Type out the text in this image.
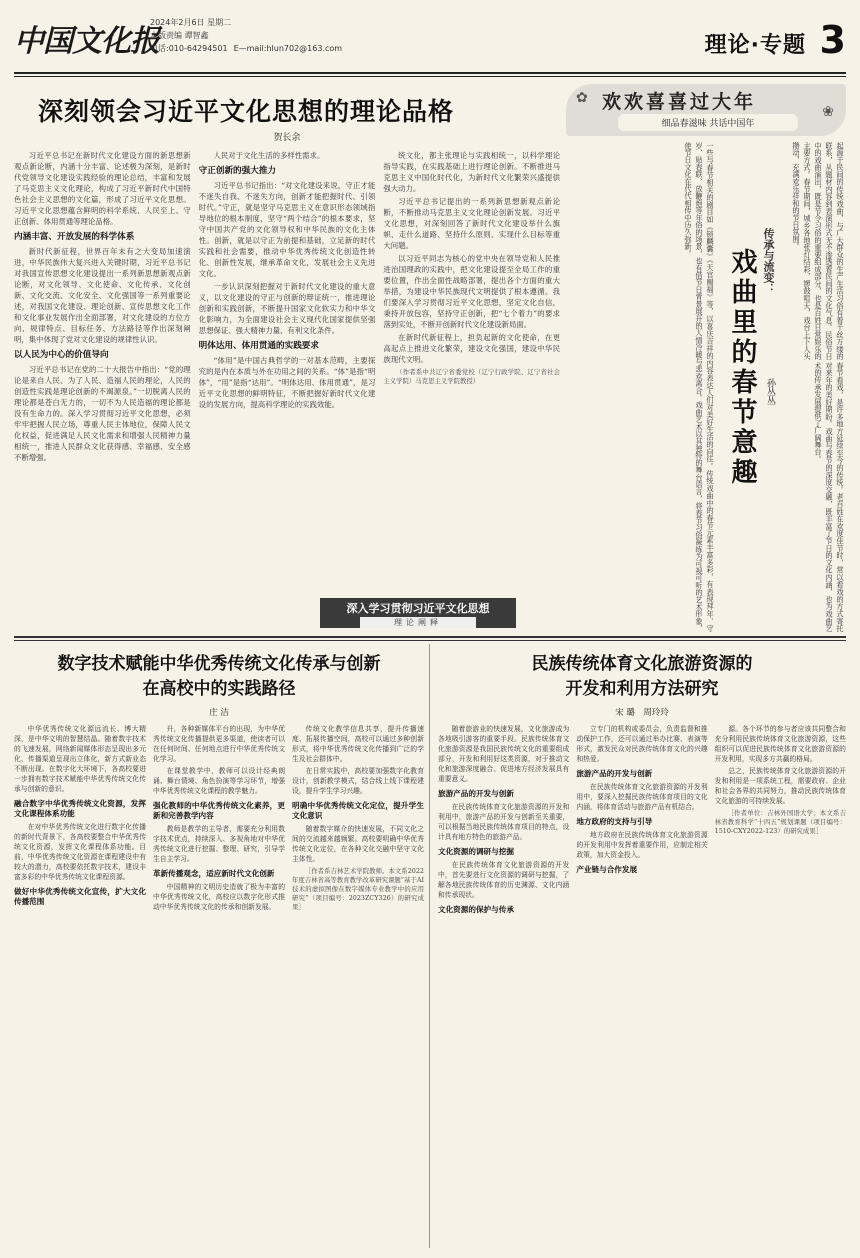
中国文化报
2024年2月6日 星期二
本版责编 谭智鑫
电话:010-64294501 E—mail:hlun702@163.com	理论·专题 3
深刻领会习近平文化思想的理论品格
贺长余

习近平总书记在新时代文化建设方面的新思想新观点新论断，内涵十分丰富、论述极为深刻，是新时代党领导文化建设实践经验的理论总结，丰富和发展了马克思主义文化理论，构成了习近平新时代中国特色社会主义思想的文化篇，形成了习近平文化思想。习近平文化思想蕴含鲜明的科学系统、人民至上、守正创新、体用贯通等理论品格。

内涵丰富、开放发展的科学体系

新时代新征程，世界百年未有之大变局加速演进，中华民族伟大复兴进入关键时期，习近平总书记对我国宣传思想文化建设提出一系列新思想新观点新论断，对文化领导、文化使命、文化传承、文化创新、文化交流、文化安全、文化强国等一系列重要论述，对我国文化建设、理论创新、宣传思想文化工作和文化事业发展作出全面部署，对文化建设的方位方向、规律特点、目标任务、方法路径等作出深刻阐明，集中体现了党对文化建设的规律性认识。

以人民为中心的价值导向

习近平总书记在党的二十大报告中指出：“党的理论是来自人民、为了人民、造福人民的理论，人民的创造性实践是理论创新的不竭源泉。”一切脱离人民的理论都是苍白无力的，一切不为人民造福的理论都是没有生命力的。深入学习贯彻习近平文化思想，必须牢牢把握人民立场，尊重人民主体地位，保障人民文化权益，促进满足人民文化需求和增强人民精神力量相统一，推进人民群众文化获得感、幸福感、安全感不断增强。

人民对于文化生活的多样性需求。

守正创新的强大推力

习近平总书记指出：“对文化建设来说，守正才能不迷失自我、不迷失方向，创新才能把握时代、引领时代。”守正，就是坚守马克思主义在意识形态领域指导地位的根本制度，坚守“两个结合”的根本要求，坚守中国共产党的文化领导权和中华民族的文化主体性。创新，就是以守正为前提和基础，立足新的时代实践和社会需要，推动中华优秀传统文化创造性转化、创新性发展，继承革命文化，发展社会主义先进文化。

一步认识深刻把握对于新时代文化建设的重大意义，以文化建设的守正与创新的辩证统一，推进理论创新和实践创新，不断提升国家文化软实力和中华文化影响力，为全面建设社会主义现代化国家提供坚强思想保证、强大精神力量、有利文化条件。

明体达用、体用贯通的实践要求

“体用”是中国古典哲学的一对基本范畴，主要探究的是内在本质与外在功用之间的关系。“体”是指“明体”，“用”是指“达用”。“明体达用、体用贯通”，是习近平文化思想的鲜明特征，不断把握好新时代文化建设的发展方向，提高科学理论的实践效能。

统文化，都主张理论与实践相统一，以科学理论指导实践，在实践基础上进行理论创新。不断推进马克思主义中国化时代化，为新时代文化繁荣兴盛提供强大动力。

习近平总书记提出的一系列新思想新观点新论断，不断推动马克思主义文化理论创新发展。习近平文化思想，对深刻回答了新时代文化建设举什么旗帜、走什么道路、坚持什么原则、实现什么目标等重大问题。

以习近平同志为核心的党中央在领导党和人民推进治国理政的实践中，把文化建设提至全局工作的重要位置，作出全面性战略部署，提出各个方面的重大举措，为建设中华民族现代文明提供了根本遵循。我们要深入学习贯彻习近平文化思想，坚定文化自信，秉持开放包容，坚持守正创新，把“七个着力”的要求落到实处，不断开创新时代文化建设新局面。

在新时代新征程上，担负起新的文化使命，在更高起点上推进文化繁荣，建设文化强国，建设中华民族现代文明。

（作者系中共辽宁省委党校（辽宁行政学院、辽宁省社会主义学院）马克思主义学院教授）

深入学习贯彻习近平文化思想
理论阐释
✿
❀
欢欢喜喜过大年
细品春滋味 共话中国年
起源于民间的传统戏曲，与广大群众的生产生活习俗有着千丝万缕的联系，从题材内容到表演形式无不渗透着民间的文化气息。民俗节日中的戏曲演出，既是节令习俗的重要组成部分，也是百姓日常娱乐的主要方式。春节期间，城乡各地张灯结彩，锣鼓喧天，戏台上下人头攒动，充满欢乐祥和的节日氛围。
传承与流变：
戏曲里的春节意趣 孙丛丛	春节看戏，是许多地方延续至今的传统。老百姓在欢度佳节时，常以看戏的方式寄托对来年的美好期盼。戏曲与春节的深度交融，既丰富了节日的文化内涵，也为戏曲艺术的传承发展提供了广阔舞台。
一些与春节相关的剧目如《锁麟囊》《天官赐福》等，以喜庆吉祥的内容表达人们对美好生活的向往。传统戏曲中的春节元素丰富多彩，有表现拜年、守岁、贴春联、放鞭炮等年俗的场景，也有借节日背景展开的人情冷暖与悲欢离合。戏曲艺术以其独特的舞台语言，将春节习俗凝练为可视可听的艺术形象，使节日文化在代代相传中历久弥新。
数字技术赋能中华优秀传统文化传承与创新
在高校中的实践路径
庄 洁

中华优秀传统文化源远流长、博大精深，是中华文明的智慧结晶。随着数字技术的飞速发展，网络新闻媒体形态呈现出多元化，传播渠道呈现出立体化，新方式新业态不断出现。在数字化大环境下，各高校要进一步拥有数字技术赋能中华优秀传统文化传承与创新的意识。

融合数字中华优秀传统文化资源，发挥文化课程体系功能

在对中华优秀传统文化进行数字化传播的新时代背景下，各高校要整合中华优秀传统文化资源，发挥文化课程体系功能。目前，中华优秀传统文化资源在课程建设中有较大的潜力，高校要依托数字技术，建设丰富多彩的中华优秀传统文化课程资源。

做好中华优秀传统文化宣传，扩大文化传播范围

升，各种新媒体平台的出现，为中华优秀传统文化传播提供更多渠道，使读者可以在任何时间、任何地点进行中华优秀传统文化学习。

在课堂教学中，教师可以设计经典朗诵、舞台情境、角色扮演等学习环节，增强中华优秀传统文化课程的教学魅力。

强化教师的中华优秀传统文化素养，更新和完善教学内容

教师是教学的主导者，需要充分利用数字技术优点，持续深入、多视角地对中华优秀传统文化进行挖掘、整理、研究，引导学生自主学习。

革新传播观念，适应新时代文化创新

中国精神的文明历史造就了极为丰富的中华优秀传统文化，高校应以数字化形式推动中华优秀传统文化的传承和创新发展。

传统文化教学信息共享，提升传播速度、拓展传播空间，高校可以通过多种创新形式，将中华优秀传统文化传播到广泛的学生及社会群体中。

在日常实践中，高校要加强数字化教育设计，创新教学模式，结合线上线下课程建设，提升学生学习兴趣。

明确中华优秀传统文化定位，提升学生文化意识

随着数字媒介的快速发展，不同文化之间的交流越来越频繁。高校要明确中华优秀传统文化定位，在各种文化交融中坚守文化主体性。

［作者系吉林艺术学院教师。本文系2022年度吉林省高等教育教学改革研究课题“基于AI技术的虚拟图像在数字媒体专业教学中的应用研究”（项目编号：2023ZCY326）的研究成果］

民族传统体育文化旅游资源的
开发和利用方法研究
宋 璐　周玲玲

随着旅游业的快速发展，文化旅游成为各地吸引游客的重要手段。民族传统体育文化旅游资源是我国民族传统文化的重要组成部分，开发和利用好这类资源，对于推动文化和旅游深度融合、促进地方经济发展具有重要意义。

旅游产品的开发与创新

在民族传统体育文化旅游资源的开发和利用中，旅游产品的开发与创新至关重要，可以根据当地民族传统体育项目的特点，设计具有地方特色的旅游产品。

文化资源的调研与挖掘

在民族传统体育文化旅游资源的开发中，首先要进行文化资源的调研与挖掘，了解各地民族传统体育的历史渊源、文化内涵和传承现状。

文化资源的保护与传承

立专门的机构或委员会，负责监督和推动保护工作，还可以通过举办比赛、表演等形式，激发民众对民族传统体育文化的兴趣和热爱。

旅游产品的开发与创新

在民族传统体育文化旅游资源的开发利用中，要深入挖掘民族传统体育项目的文化内涵，将体育活动与旅游产品有机结合。

地方政府的支持与引导

地方政府在民族传统体育文化旅游资源的开发利用中发挥着重要作用，应制定相关政策，加大资金投入。

产业链与合作发展

源。各个环节的参与者应该共同整合和充分利用民族传统体育文化旅游资源，这些组织可以促进民族传统体育文化旅游资源的开发利用，实现多方共赢的格局。

总之，民族传统体育文化旅游资源的开发和利用是一项系统工程，需要政府、企业和社会各界的共同努力，推动民族传统体育文化旅游的可持续发展。

［作者单位：吉林外国语大学；本文系吉林省教育科学“十四五”规划课题（项目编号：1510-CXY2022-123）的研究成果］
